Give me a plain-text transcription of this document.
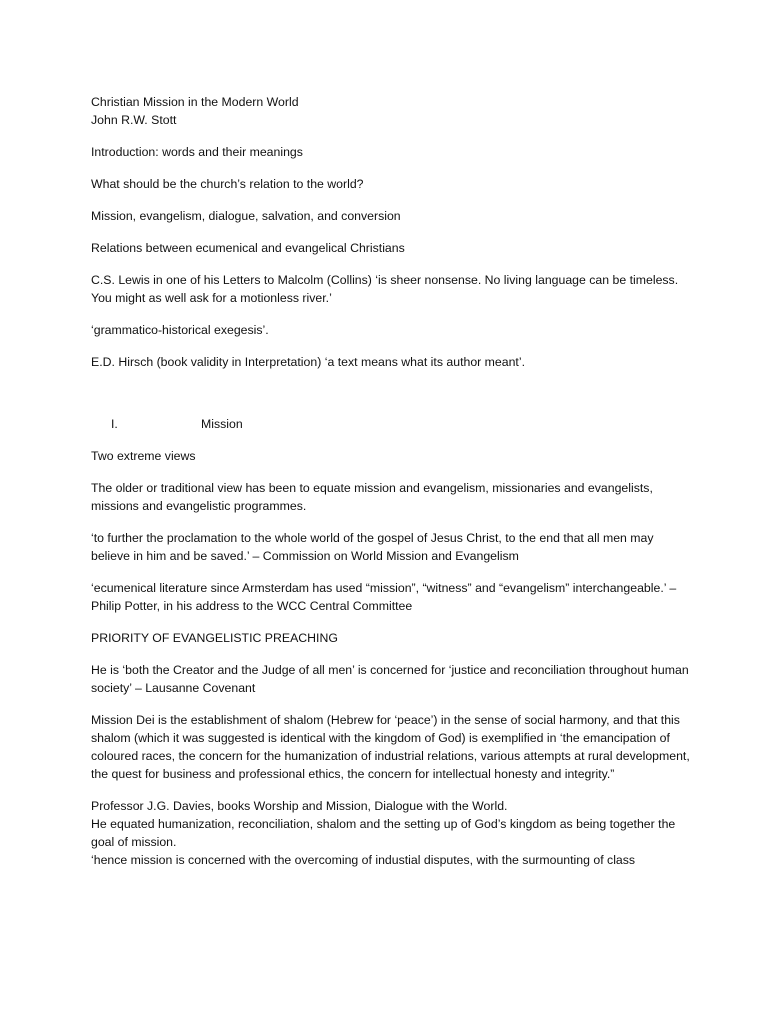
Christian Mission in the Modern World

John R.W. Stott

Introduction: words and their meanings

What should be the church’s relation to the world?

Mission, evangelism, dialogue, salvation, and conversion

Relations between ecumenical and evangelical Christians

C.S. Lewis in one of his Letters to Malcolm (Collins) ‘is sheer nonsense. No living language can be timeless. You might as well ask for a motionless river.’

‘grammatico-historical exegesis’.

E.D. Hirsch (book validity in Interpretation) ‘a text means what its author meant’.

I.	Mission

Two extreme views

The older or traditional view has been to equate mission and evangelism, missionaries and evangelists, missions and evangelistic programmes.

‘to further the proclamation to the whole world of the gospel of Jesus Christ, to the end that all men may believe in him and be saved.’ – Commission on World Mission and Evangelism

‘ecumenical literature since Armsterdam has used “mission”, “witness” and “evangelism” interchangeable.’ – Philip Potter, in his address to the WCC Central Committee

PRIORITY OF EVANGELISTIC PREACHING

He is ‘both the Creator and the Judge of all men’ is concerned for ‘justice and reconciliation throughout human society’ – Lausanne Covenant

Mission Dei is the establishment of shalom (Hebrew for ‘peace’) in the sense of social harmony, and that this shalom (which it was suggested is identical with the kingdom of God) is exemplified in ‘the emancipation of coloured races, the concern for the humanization of industrial relations, various attempts at rural development, the quest for business and professional ethics, the concern for intellectual honesty and integrity.”

Professor J.G. Davies, books Worship and Mission, Dialogue with the World.

He equated humanization, reconciliation, shalom and the setting up of God’s kingdom as being together the goal of mission.

‘hence mission is concerned with the overcoming of industial disputes, with the surmounting of class
